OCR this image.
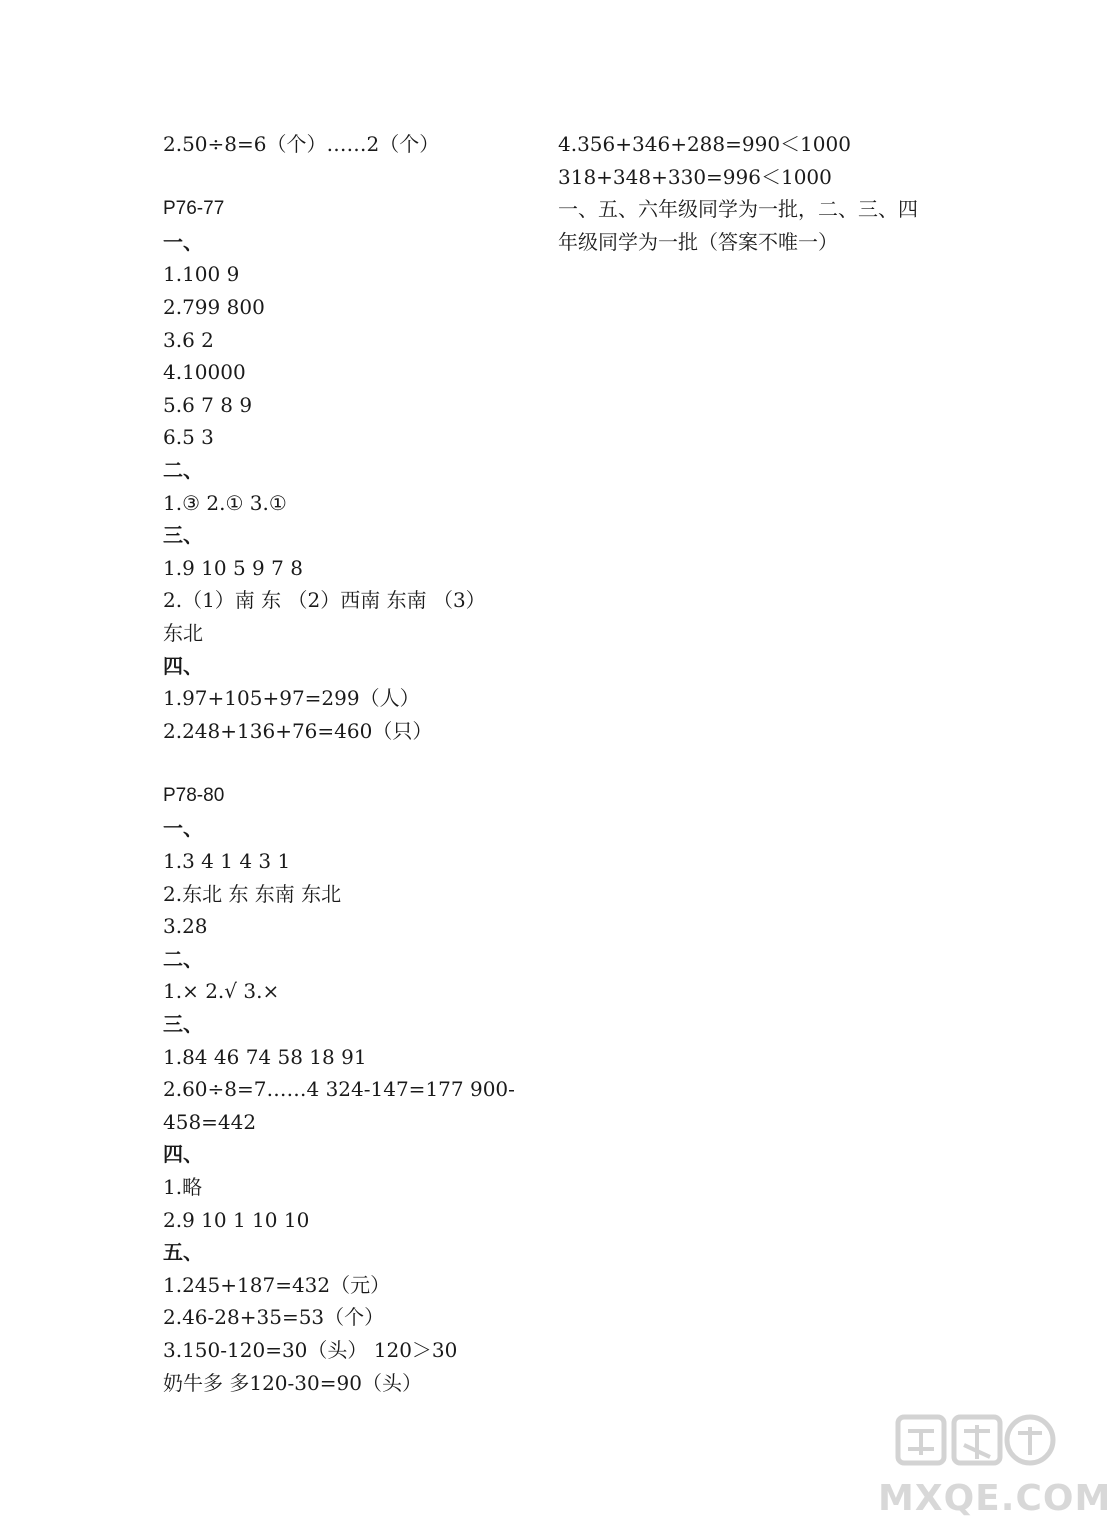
2.50÷8=6（个）……2（个）
P76-77
一、
1.100 9
2.799 800
3.6 2
4.10000
5.6 7 8 9
6.5 3
二、
1.③ 2.① 3.①
三、
1.9 10 5 9 7 8
2.（1）南 东 （2）西南 东南 （3）
东北
四、
1.97+105+97=299（人）
2.248+136+76=460（只）
P78-80
一、
1.3 4 1 4 3 1
2.东北 东 东南 东北
3.28
二、
1.× 2.√ 3.×
三、
1.84 46 74 58 18 91
2.60÷8=7……4 324-147=177 900-
458=442
四、
1.略
2.9 10 1 10 10
五、
1.245+187=432（元）
2.46-28+35=53（个）
3.150-120=30（头） 120＞30
奶牛多 多120-30=90（头）
4.356+346+288=990＜1000
318+348+330=996＜1000
一、五、六年级同学为一批，二、三、四
年级同学为一批（答案不唯一）
MXQE.COM
